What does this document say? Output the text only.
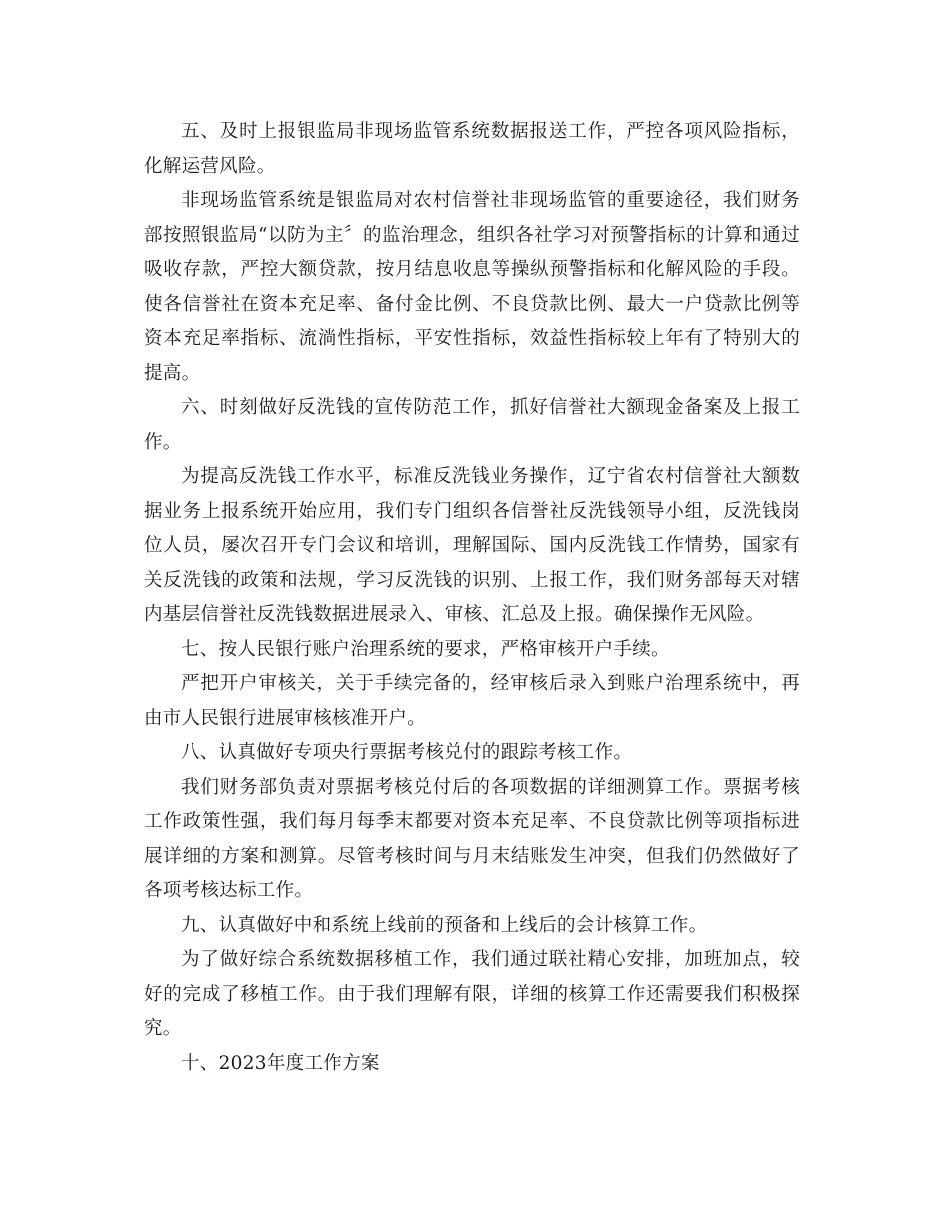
五、及时上报银监局非现场监管系统数据报送工作，严控各项风险指标，化解运营风险。

非现场监管系统是银监局对农村信誉社非现场监管的重要途径，我们财务部按照银监局“以防为主〞的监治理念，组织各社学习对预警指标的计算和通过吸收存款，严控大额贷款，按月结息收息等操纵预警指标和化解风险的手段。使各信誉社在资本充足率、备付金比例、不良贷款比例、最大一户贷款比例等资本充足率指标、流淌性指标，平安性指标，效益性指标较上年有了特别大的提高。

六、时刻做好反洗钱的宣传防范工作，抓好信誉社大额现金备案及上报工作。

为提高反洗钱工作水平，标准反洗钱业务操作，辽宁省农村信誉社大额数据业务上报系统开始应用，我们专门组织各信誉社反洗钱领导小组，反洗钱岗位人员，屡次召开专门会议和培训，理解国际、国内反洗钱工作情势，国家有关反洗钱的政策和法规，学习反洗钱的识别、上报工作，我们财务部每天对辖内基层信誉社反洗钱数据进展录入、审核、汇总及上报。确保操作无风险。

七、按人民银行账户治理系统的要求，严格审核开户手续。

严把开户审核关，关于手续完备的，经审核后录入到账户治理系统中，再由市人民银行进展审核核准开户。

八、认真做好专项央行票据考核兑付的跟踪考核工作。

我们财务部负责对票据考核兑付后的各项数据的详细测算工作。票据考核工作政策性强，我们每月每季末都要对资本充足率、不良贷款比例等项指标进展详细的方案和测算。尽管考核时间与月末结账发生冲突，但我们仍然做好了各项考核达标工作。

九、认真做好中和系统上线前的预备和上线后的会计核算工作。

为了做好综合系统数据移植工作，我们通过联社精心安排，加班加点，较好的完成了移植工作。由于我们理解有限，详细的核算工作还需要我们积极探究。

十、2023年度工作方案
